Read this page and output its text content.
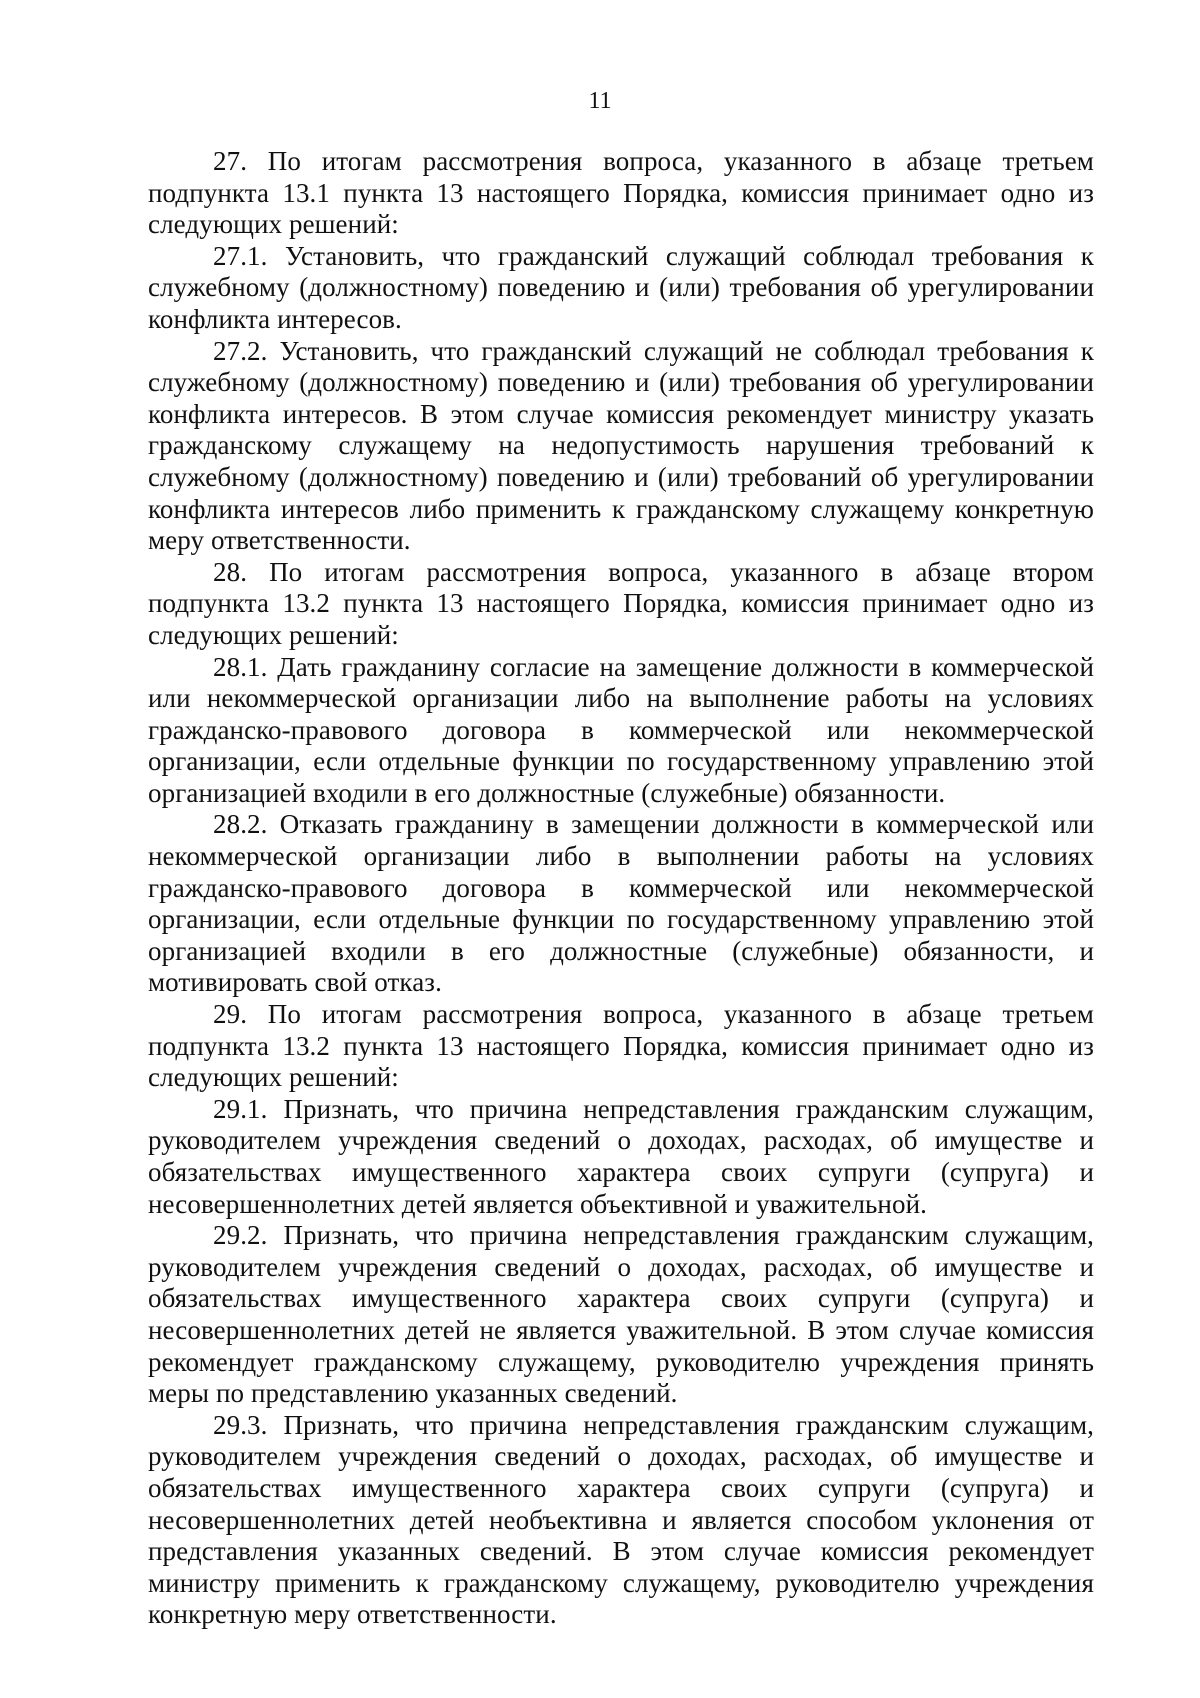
11

27. По итогам рассмотрения вопроса, указанного в абзаце третьем подпункта 13.1 пункта 13 настоящего Порядка, комиссия принимает одно из следующих решений:

27.1. Установить, что гражданский служащий соблюдал требования к служебному (должностному) поведению и (или) требования об урегулировании конфликта интересов.

27.2. Установить, что гражданский служащий не соблюдал требования к служебному (должностному) поведению и (или) требования об урегулировании конфликта интересов. В этом случае комиссия рекомендует министру указать гражданскому служащему на недопустимость нарушения требований к служебному (должностному) поведению и (или) требований об урегулировании конфликта интересов либо применить к гражданскому служащему конкретную меру ответственности.

28. По итогам рассмотрения вопроса, указанного в абзаце втором подпункта 13.2 пункта 13 настоящего Порядка, комиссия принимает одно из следующих решений:

28.1. Дать гражданину согласие на замещение должности в коммерческой или некоммерческой организации либо на выполнение работы на условиях гражданско-правового договора в коммерческой или некоммерческой организации, если отдельные функции по государственному управлению этой организацией входили в его должностные (служебные) обязанности.

28.2. Отказать гражданину в замещении должности в коммерческой или некоммерческой организации либо в выполнении работы на условиях гражданско-правового договора в коммерческой или некоммерческой организации, если отдельные функции по государственному управлению этой организацией входили в его должностные (служебные) обязанности, и мотивировать свой отказ.

29. По итогам рассмотрения вопроса, указанного в абзаце третьем подпункта 13.2 пункта 13 настоящего Порядка, комиссия принимает одно из следующих решений:

29.1. Признать, что причина непредставления гражданским служащим, руководителем учреждения сведений о доходах, расходах, об имуществе и обязательствах имущественного характера своих супруги (супруга) и несовершеннолетних детей является объективной и уважительной.

29.2. Признать, что причина непредставления гражданским служащим, руководителем учреждения сведений о доходах, расходах, об имуществе и обязательствах имущественного характера своих супруги (супруга) и несовершеннолетних детей не является уважительной. В этом случае комиссия рекомендует гражданскому служащему, руководителю учреждения принять меры по представлению указанных сведений.

29.3. Признать, что причина непредставления гражданским служащим, руководителем учреждения сведений о доходах, расходах, об имуществе и обязательствах имущественного характера своих супруги (супруга) и несовершеннолетних детей необъективна и является способом уклонения от представления указанных сведений. В этом случае комиссия рекомендует министру применить к гражданскому служащему, руководителю учреждения конкретную меру ответственности.
